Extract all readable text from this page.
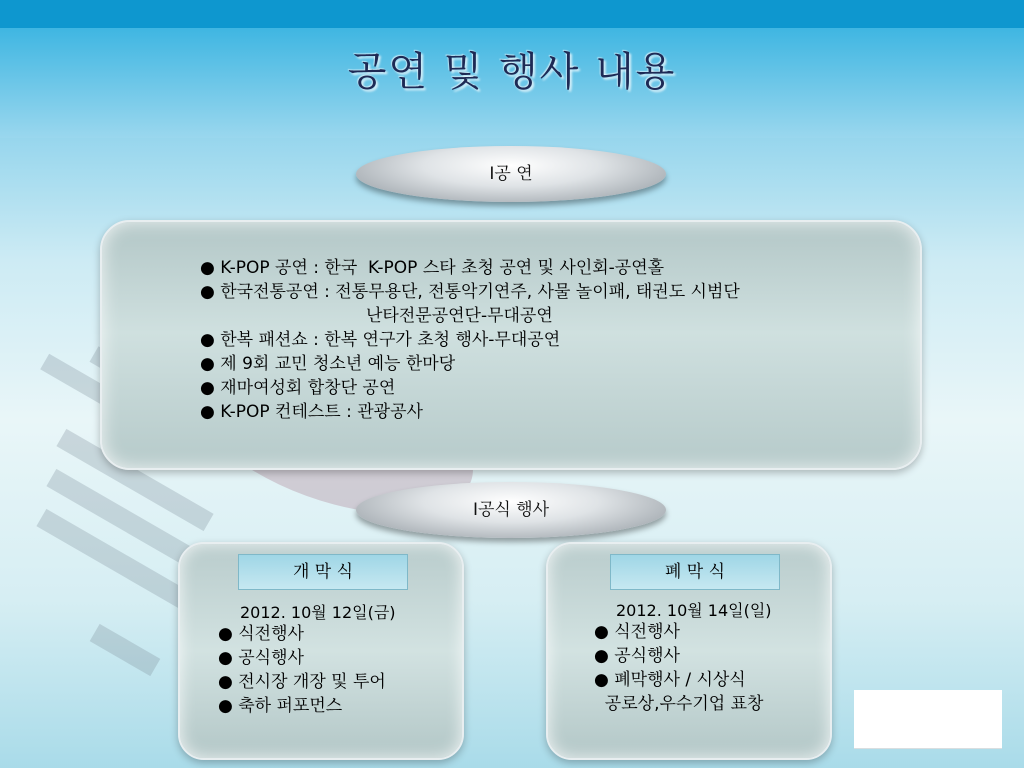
공연 및 행사 내용
Ⅰ공 연
● K-POP 공연 : 한국  K-POP 스타 초청 공연 및 사인회-공연홀
● 한국전통공연 : 전통무용단, 전통악기연주, 사물 놀이패, 태권도 시범단

● 한복 패션쇼 : 한복 연구가 초청 행사-무대공연
● 제 9회 교민 청소년 예능 한마당
● 재마여성회 합창단 공연
● K-POP 컨테스트 : 관광공사
난타전문공연단-무대공연
Ⅰ공식 행사
개 막 식
2012. 10월 12일(금)
● 식전행사
● 공식행사
● 전시장 개장 및 투어
● 축하 퍼포먼스
폐 막 식
2012. 10월 14일(일)
● 식전행사
● 공식행사
● 폐막행사 / 시상식
공로상,우수기업 표창
